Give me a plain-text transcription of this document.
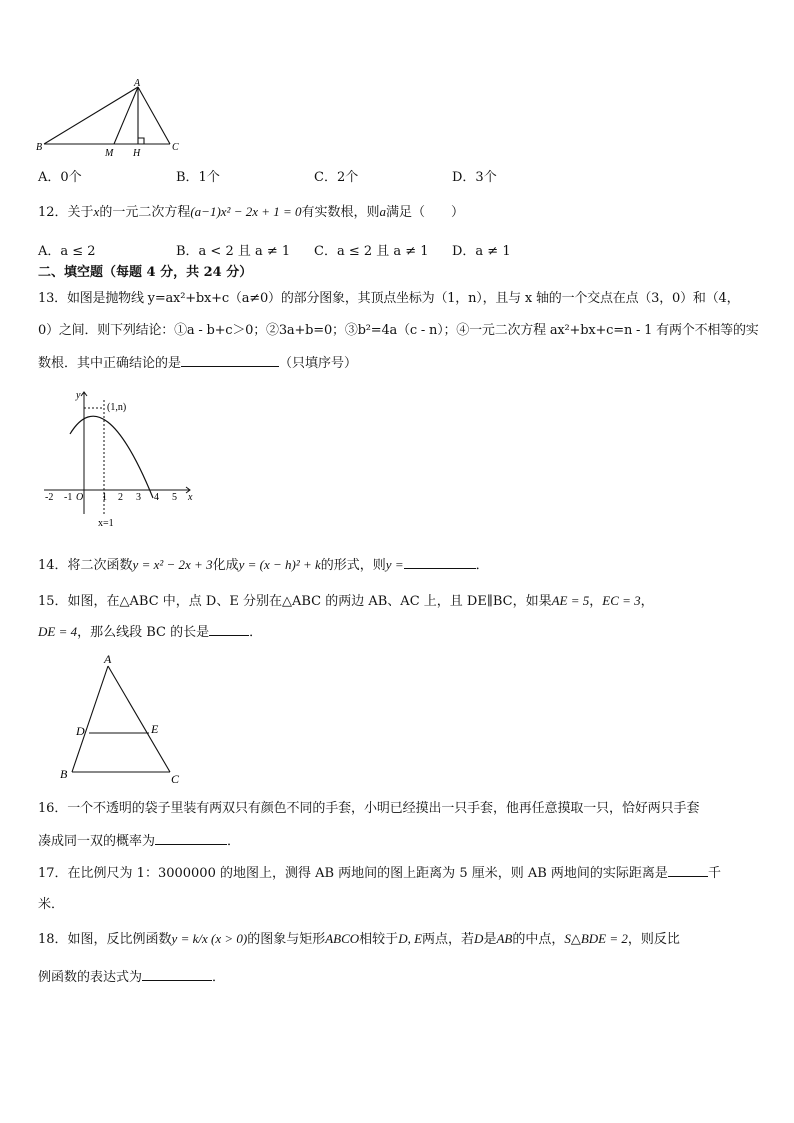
A
B
M H
C
A．0个	B．1个	C．2个	D．3个
12．关于x的一元二次方程(a−1)x² − 2x + 1 = 0有实数根，则a满足（　　）
A．a ≤ 2	B．a < 2 且 a ≠ 1 C．a ≤ 2 且 a ≠ 1 D．a ≠ 1
二、填空题（每题 4 分，共 24 分）
13．如图是抛物线 y=ax²+bx+c（a≠0）的部分图象，其顶点坐标为（1，n），且与 x 轴的一个交点在点（3，0）和（4，
0）之间．则下列结论：①a - b+c＞0；②3a+b=0；③b²=4a（c - n）；④一元二次方程 ax²+bx+c=n - 1 有两个不相等的实
数根．其中正确结论的是	（只填序号）
y
x
(1,n)
x=1
O
-2 -1	1 2 3 4 5
14．将二次函数y = x² − 2x + 3化成y = (x − h)² + k的形式，则y =	．
15．如图，在△ABC 中，点 D、E 分别在△ABC 的两边 AB、AC 上，且 DE∥BC，如果AE = 5，EC = 3，
DE = 4，那么线段 BC 的长是	．
A
D	E
B	C
16．一个不透明的袋子里装有两双只有颜色不同的手套，小明已经摸出一只手套，他再任意摸取一只，恰好两只手套
凑成同一双的概率为	．
17．在比例尺为 1：3000000 的地图上，测得 AB 两地间的图上距离为 5 厘米，则 AB 两地间的实际距离是	千
米．
18．如图，反比例函数y = k/x (x > 0)的图象与矩形ABCO相较于D, E两点，若D是AB的中点，S△BDE = 2，则反比
例函数的表达式为	．
